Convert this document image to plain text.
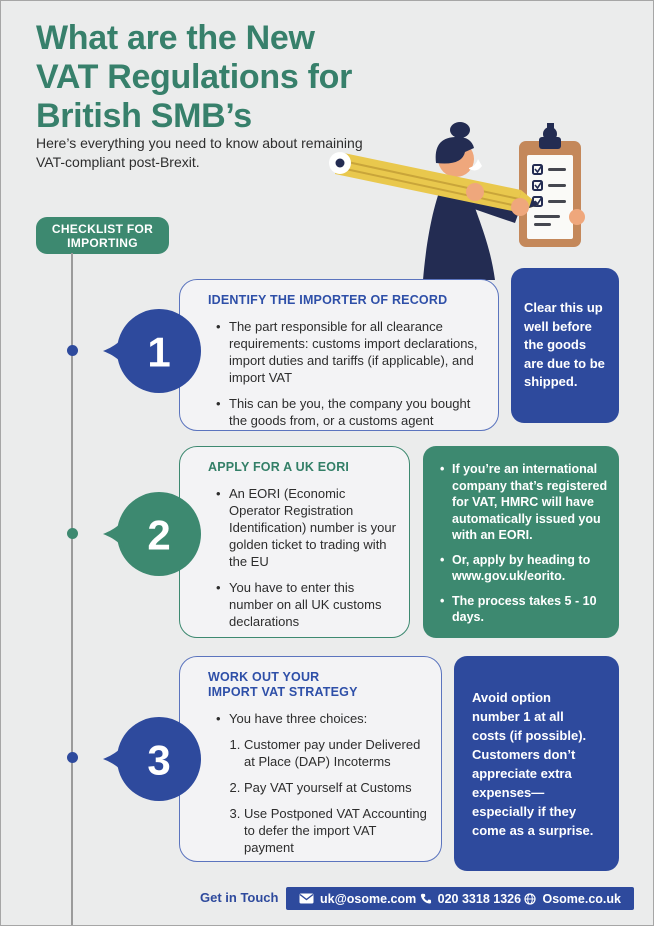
What are the New
VAT Regulations for
British SMB’s
Here’s everything you need to know about remaining VAT-compliant post-Brexit.
CHECKLIST FOR IMPORTING
1
2
3
IDENTIFY THE IMPORTER OF RECORD
• The part responsible for all clearance requirements: customs import declarations, import duties and tariffs (if applicable), and import VAT
• This can be you, the company you bought the goods from, or a customs agent
Clear this up well before the goods are due to be shipped.
APPLY FOR A UK EORI
• An EORI (Economic Operator Registration Identification) number is your golden ticket to trading with the EU
• You have to enter this number on all UK customs declarations
• If you’re an international company that’s registered for VAT, HMRC will have automatically issued you with an EORI.
• Or, apply by heading to www.gov.uk/eorito.
• The process takes 5 - 10 days.
WORK OUT YOUR
IMPORT VAT STRATEGY
• You have three choices:
1. Customer pay under Delivered at Place (DAP) Incoterms
2. Pay VAT yourself at Customs
3. Use Postponed VAT Accounting to defer the import VAT payment
Avoid option number 1 at all costs (if possible). Customers don’t appreciate extra expenses—especially if they come as a surprise.
Get in Touch	uk@osome.com 020 3318 1326 Osome.co.uk
